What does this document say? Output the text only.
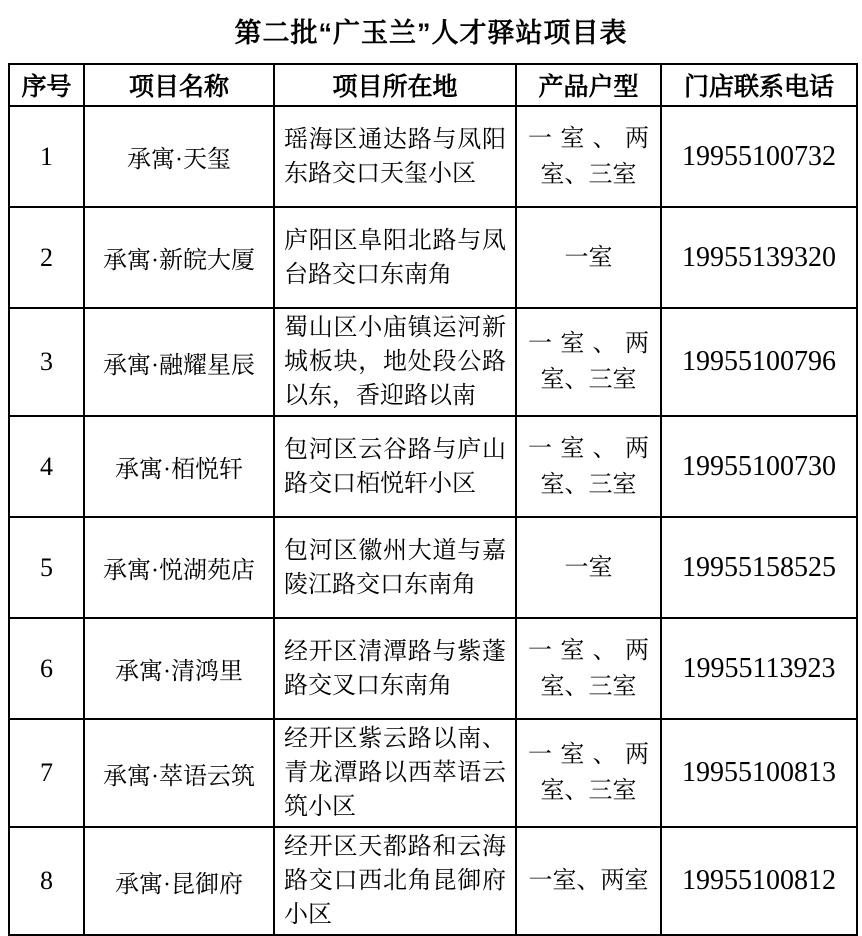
第二批“广玉兰”人才驿站项目表
序号	项目名称	项目所在地	产品户型	门店联系电话
1	承寓·天玺	瑶海区通达路与凤阳东路交口天玺小区	一室、两室、三室	19955100732
2	承寓·新皖大厦	庐阳区阜阳北路与凤台路交口东南角	一室	19955139320
3	承寓·融耀星辰	蜀山区小庙镇运河新城板块，地处段公路以东，香迎路以南	一室、两室、三室	19955100796
4	承寓·栢悦轩	包河区云谷路与庐山路交口栢悦轩小区	一室、两室、三室	19955100730
5	承寓·悦湖苑店	包河区徽州大道与嘉陵江路交口东南角	一室	19955158525
6	承寓·清鸿里	经开区清潭路与紫蓬路交叉口东南角	一室、两室、三室	19955113923
7	承寓·萃语云筑	经开区紫云路以南、青龙潭路以西萃语云筑小区	一室、两室、三室	19955100813
8	承寓·昆御府	经开区天都路和云海路交口西北角昆御府小区	一室、两室	19955100812
